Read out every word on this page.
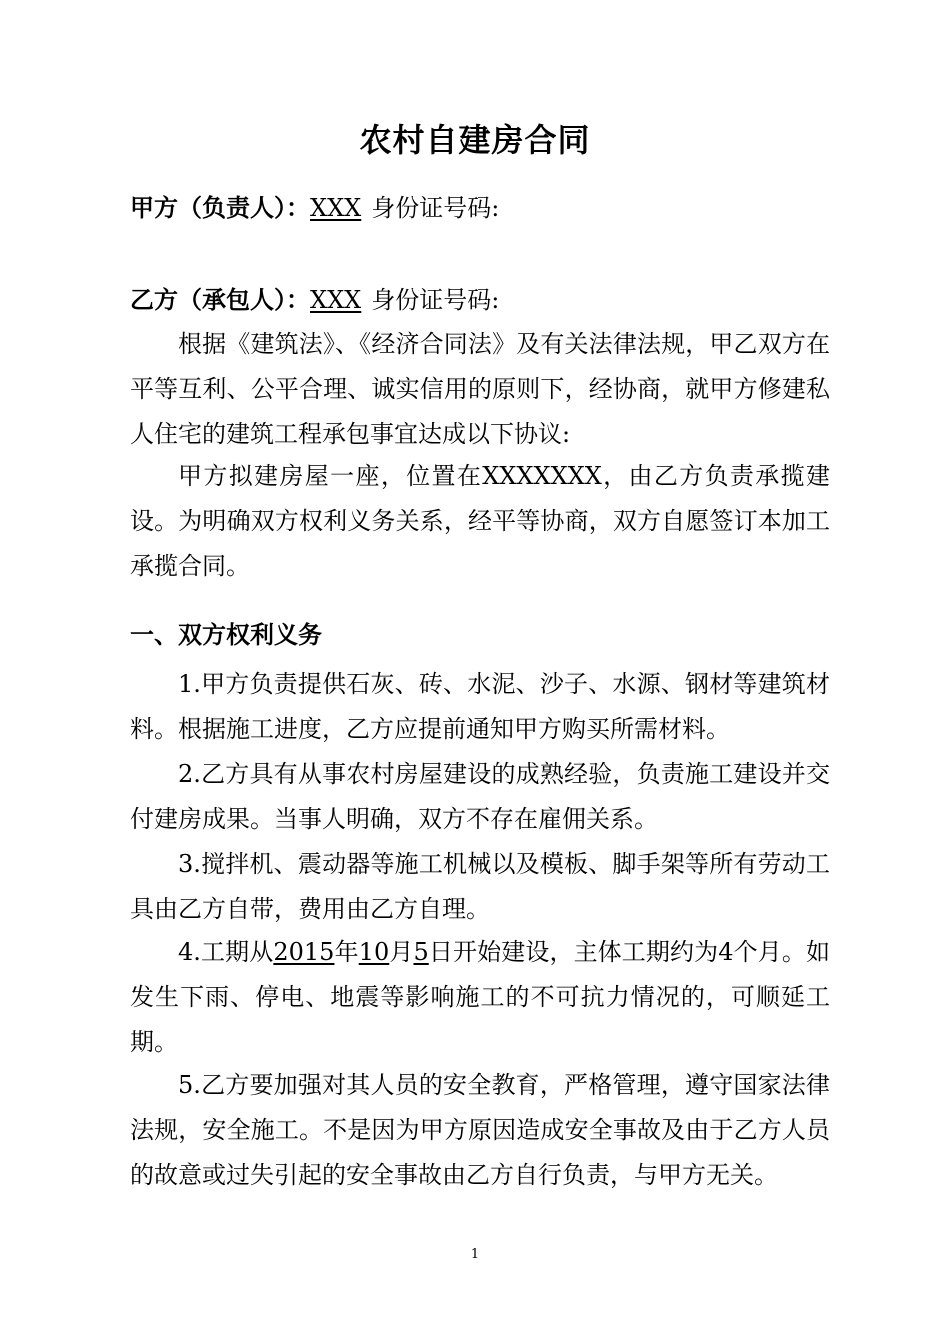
农村自建房合同
甲方（负责人）：XXX 身份证号码:
乙方（承包人）：XXX 身份证号码:

根据《建筑法》、《经济合同法》及有关法律法规，甲乙双方在平等互利、公平合理、诚实信用的原则下，经协商，就甲方修建私人住宅的建筑工程承包事宜达成以下协议:

甲方拟建房屋一座，位置在XXXXXXX，由乙方负责承揽建设。为明确双方权利义务关系，经平等协商，双方自愿签订本加工承揽合同。

一、双方权利义务

1.甲方负责提供石灰、砖、水泥、沙子、水源、钢材等建筑材料。根据施工进度，乙方应提前通知甲方购买所需材料。

2.乙方具有从事农村房屋建设的成熟经验，负责施工建设并交付建房成果。当事人明确，双方不存在雇佣关系。

3.搅拌机、震动器等施工机械以及模板、脚手架等所有劳动工具由乙方自带，费用由乙方自理。

4.工期从2015年10月5日开始建设，主体工期约为4个月。如发生下雨、停电、地震等影响施工的不可抗力情况的，可顺延工期。

5.乙方要加强对其人员的安全教育，严格管理，遵守国家法律法规，安全施工。不是因为甲方原因造成安全事故及由于乙方人员的故意或过失引起的安全事故由乙方自行负责，与甲方无关。

1
